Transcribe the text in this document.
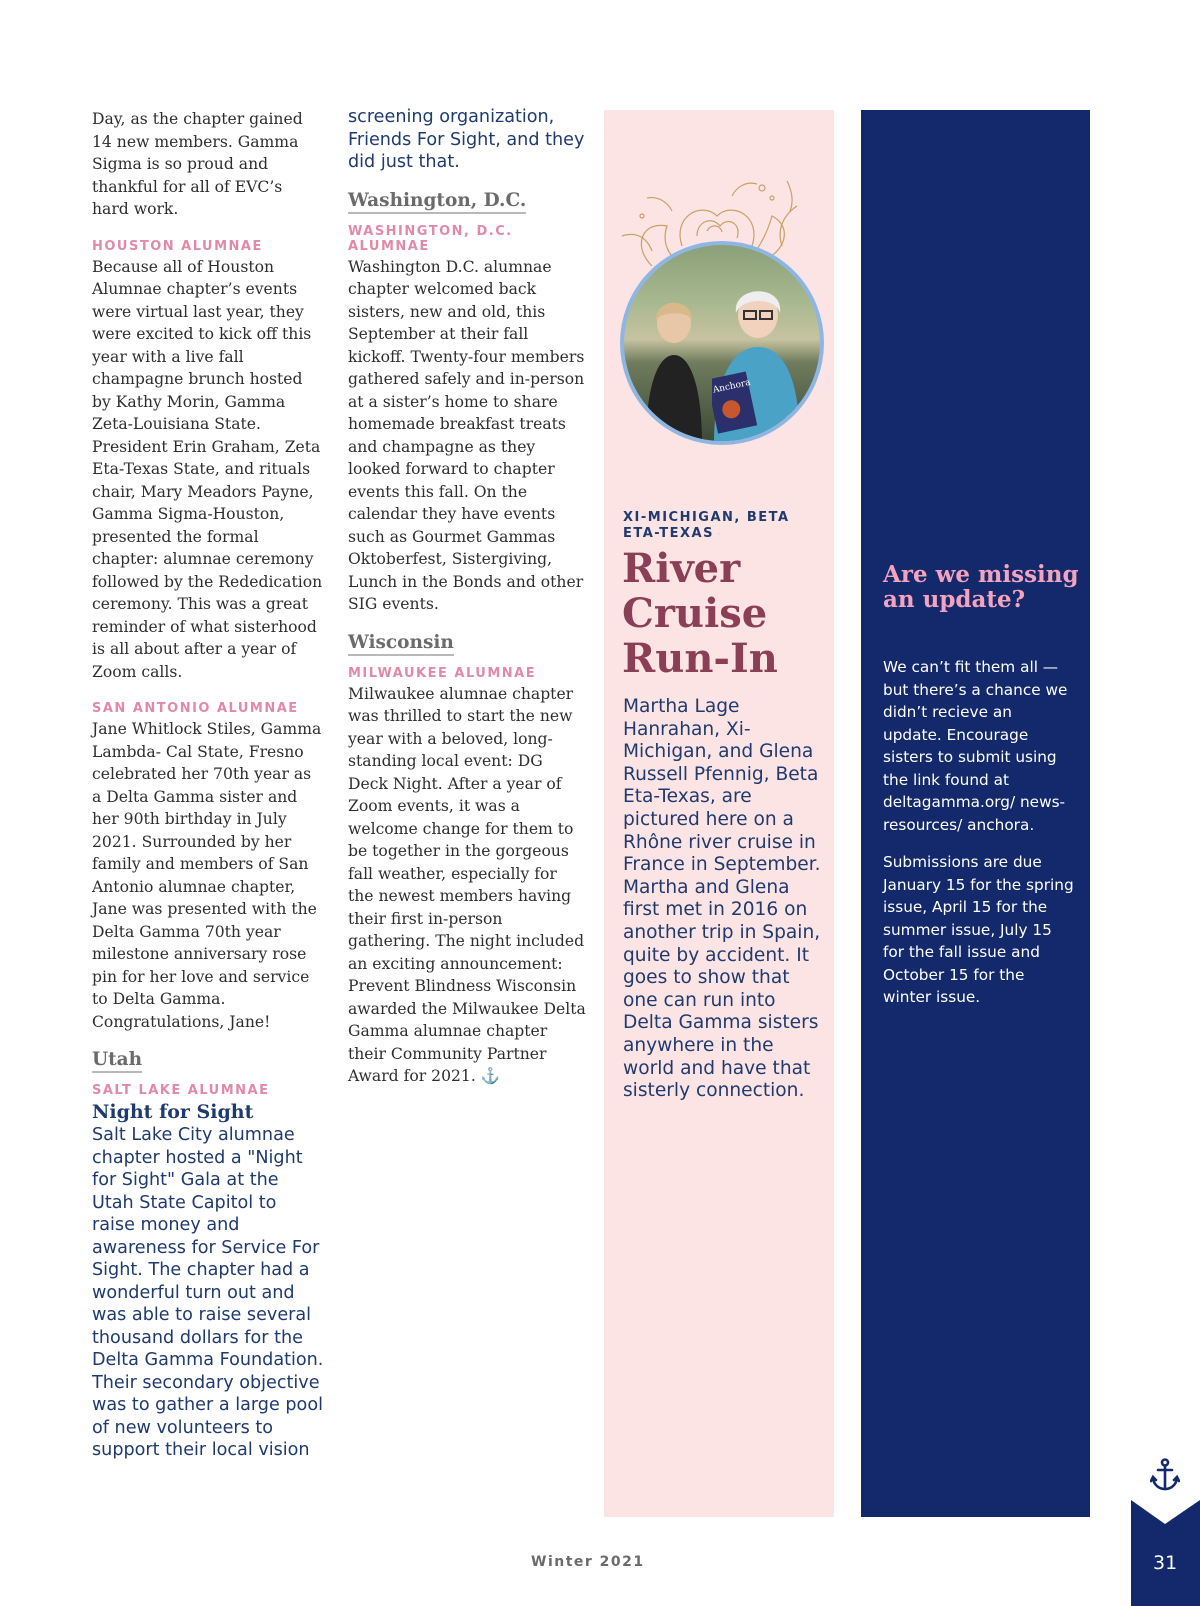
Day, as the chapter gained 14 new members. Gamma Sigma is so proud and thankful for all of EVC’s hard work.

HOUSTON ALUMNAE

Because all of Houston Alumnae chapter’s events were virtual last year, they were excited to kick off this year with a live fall champagne brunch hosted by Kathy Morin, Gamma Zeta-Louisiana State. President Erin Graham, Zeta Eta-Texas State, and rituals chair, Mary Meadors Payne, Gamma Sigma-Houston, presented the formal chapter: alumnae ceremony followed by the Rededication ceremony. This was a great reminder of what sisterhood is all about after a year of Zoom calls.

SAN ANTONIO ALUMNAE

Jane Whitlock Stiles, Gamma Lambda- Cal State, Fresno celebrated her 70th year as a Delta Gamma sister and her 90th birthday in July 2021. Surrounded by her family and members of San Antonio alumnae chapter, Jane was presented with the Delta Gamma 70th year milestone anniversary rose pin for her love and service to Delta Gamma. Congratulations, Jane!

Utah
SALT LAKE ALUMNAE

Night for Sight

Salt Lake City alumnae chapter hosted a "Night for Sight" Gala at the Utah State Capitol to raise money and awareness for Service For Sight. The chapter had a wonderful turn out and was able to raise several thousand dollars for the Delta Gamma Foundation. Their secondary objective was to gather a large pool of new volunteers to support their local vision

screening organization, Friends For Sight, and they did just that.

Washington, D.C.
WASHINGTON, D.C. ALUMNAE

Washington D.C. alumnae chapter welcomed back sisters, new and old, this September at their fall kickoff. Twenty-four members gathered safely and in-person at a sister’s home to share homemade breakfast treats and champagne as they looked forward to chapter events this fall. On the calendar they have events such as Gourmet Gammas Oktoberfest, Sistergiving, Lunch in the Bonds and other SIG events.

Wisconsin
MILWAUKEE ALUMNAE

Milwaukee alumnae chapter was thrilled to start the new year with a beloved, long-standing local event: DG Deck Night. After a year of Zoom events, it was a welcome change for them to be together in the gorgeous fall weather, especially for the newest members having their first in-person gathering. The night included an exciting announcement: Prevent Blindness Wisconsin awarded the Milwaukee Delta Gamma alumnae chapter their Community Partner Award for 2021. ⚓

Anchora
XI-MICHIGAN, BETA ETA-TEXAS
River Cruise Run-In

Martha Lage Hanrahan, Xi-Michigan, and Glena Russell Pfennig, Beta Eta-Texas, are pictured here on a Rhône river cruise in France in September. Martha and Glena first met in 2016 on another trip in Spain, quite by accident. It goes to show that one can run into Delta Gamma sisters anywhere in the world and have that sisterly connection.

Are we missing an update?

We can’t fit them all — but there’s a chance we didn’t recieve an update. Encourage sisters to submit using the link found at deltagamma.org/ news-resources/ anchora.

Submissions are due January 15 for the spring issue, April 15 for the summer issue, July 15 for the fall issue and October 15 for the winter issue.

Winter 2021	31
